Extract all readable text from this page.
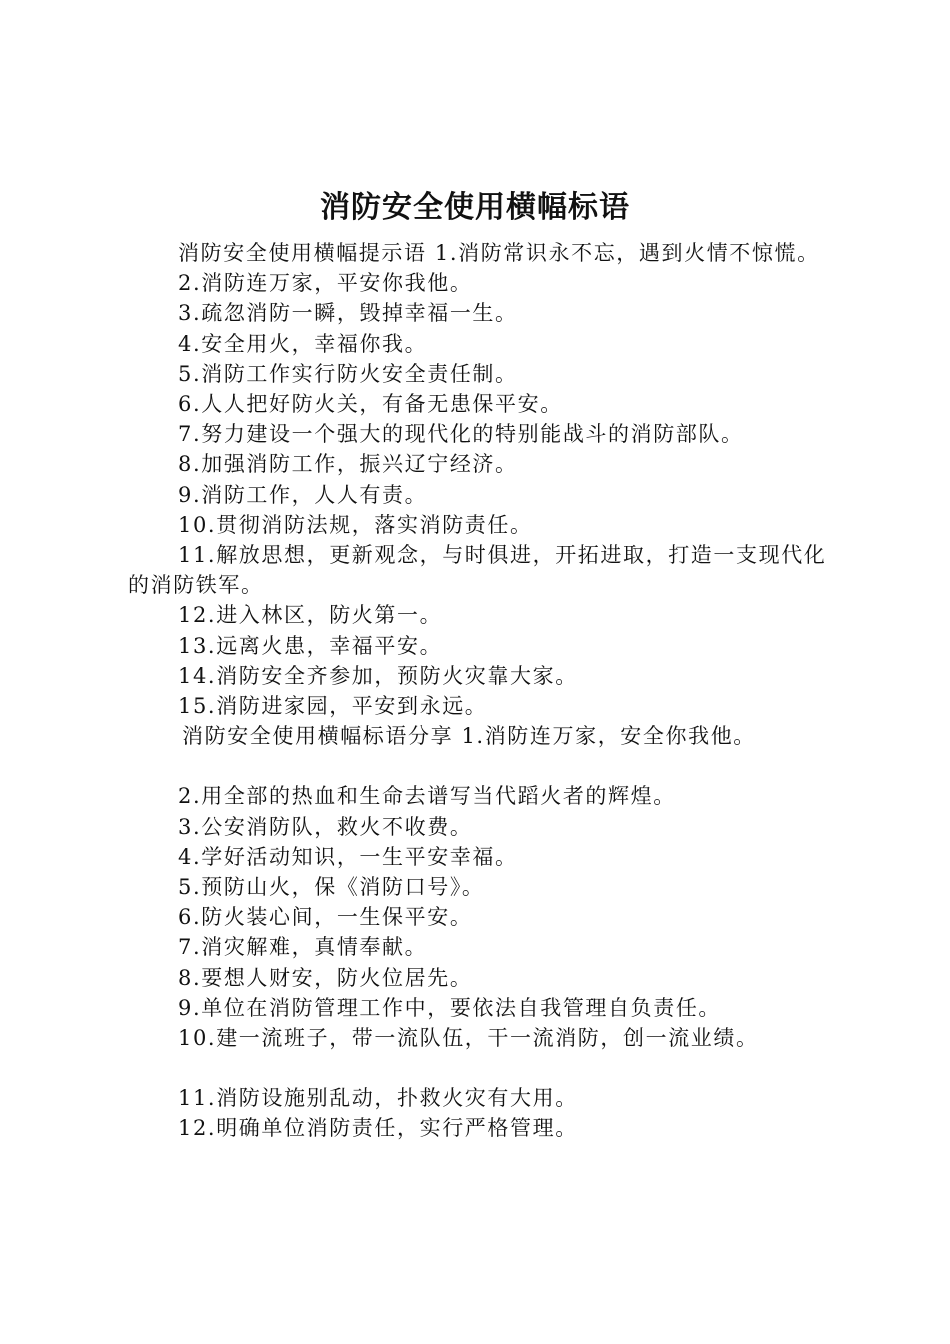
消防安全使用横幅标语

消防安全使用横幅提示语 1.消防常识永不忘，遇到火情不惊慌。

2.消防连万家，平安你我他。

3.疏忽消防一瞬，毁掉幸福一生。

4.安全用火，幸福你我。

5.消防工作实行防火安全责任制。

6.人人把好防火关，有备无患保平安。

7.努力建设一个强大的现代化的特别能战斗的消防部队。

8.加强消防工作，振兴辽宁经济。

9.消防工作，人人有责。

10.贯彻消防法规，落实消防责任。

11.解放思想，更新观念，与时俱进，开拓进取，打造一支现代化的消防铁军。

12.进入林区，防火第一。

13.远离火患，幸福平安。

14.消防安全齐参加，预防火灾靠大家。

15.消防进家园，平安到永远。

消防安全使用横幅标语分享 1.消防连万家，安全你我他。

2.用全部的热血和生命去谱写当代蹈火者的辉煌。

3.公安消防队，救火不收费。

4.学好活动知识，一生平安幸福。

5.预防山火，保《消防口号》。

6.防火装心间，一生保平安。

7.消灾解难，真情奉献。

8.要想人财安，防火位居先。

9.单位在消防管理工作中，要依法自我管理自负责任。

10.建一流班子，带一流队伍，干一流消防，创一流业绩。

11.消防设施别乱动，扑救火灾有大用。

12.明确单位消防责任，实行严格管理。
